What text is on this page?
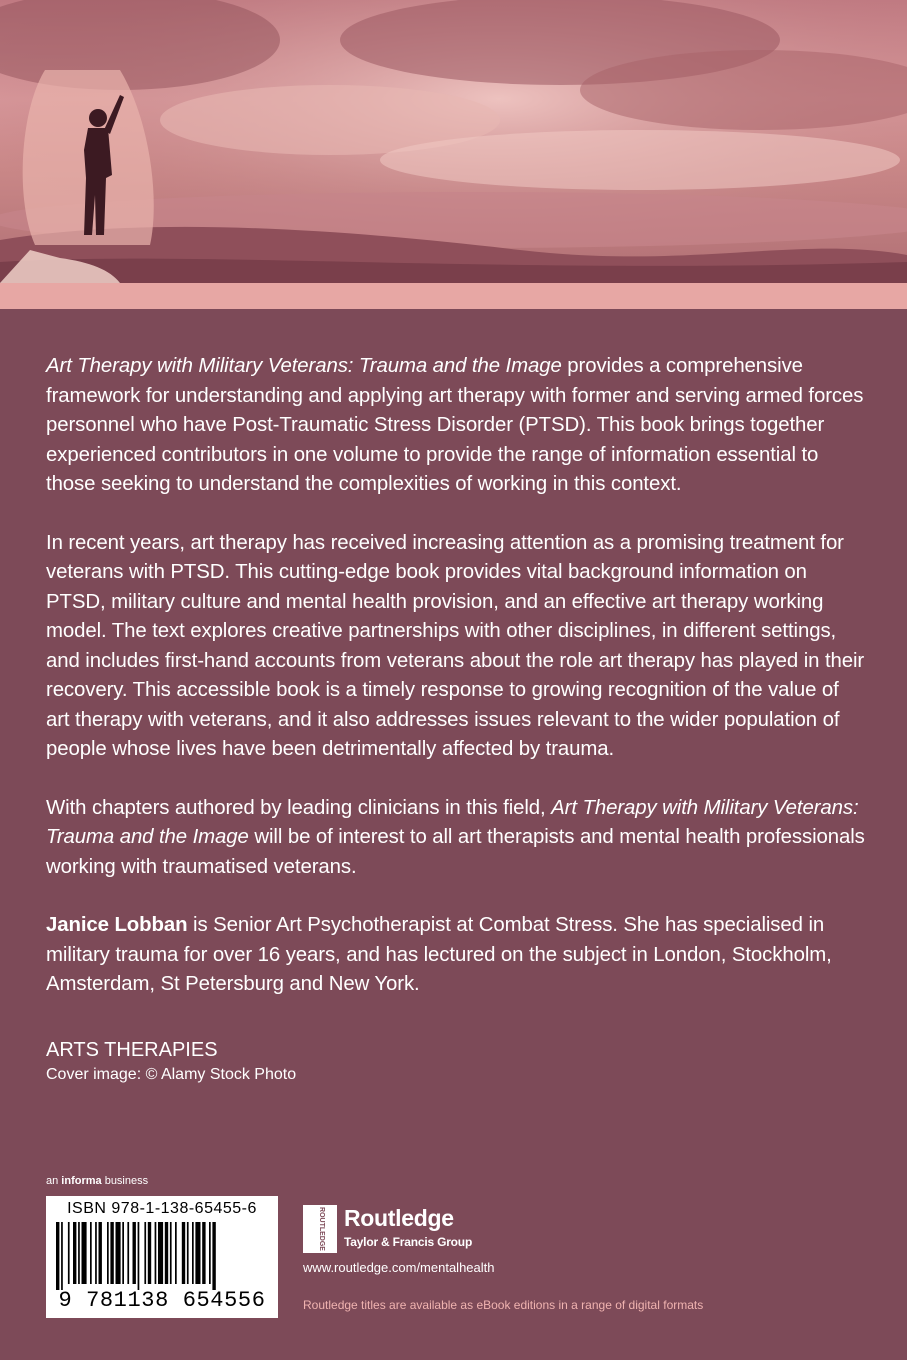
Art Therapy with Military Veterans: Trauma and the Image provides a comprehensive framework for understanding and applying art therapy with former and serving armed forces personnel who have Post-Traumatic Stress Disorder (PTSD). This book brings together experienced contributors in one volume to provide the range of information essential to those seeking to understand the complexities of working in this context.

In recent years, art therapy has received increasing attention as a promising treatment for veterans with PTSD. This cutting-edge book provides vital background information on PTSD, military culture and mental health provision, and an effective art therapy working model. The text explores creative partnerships with other disciplines, in different settings, and includes first-hand accounts from veterans about the role art therapy has played in their recovery. This accessible book is a timely response to growing recognition of the value of art therapy with veterans, and it also addresses issues relevant to the wider population of people whose lives have been detrimentally affected by trauma.

With chapters authored by leading clinicians in this field, Art Therapy with Military Veterans: Trauma and the Image will be of interest to all art therapists and mental health professionals working with traumatised veterans.

Janice Lobban is Senior Art Psychotherapist at Combat Stress. She has specialised in military trauma for over 16 years, and has lectured on the subject in London, Stockholm, Amsterdam, St Petersburg and New York.

ARTS THERAPIES
Cover image: © Alamy Stock Photo
an informa business
ISBN 978-1-138-65455-6
9 781138 654556
ROUTLEDGE Routledge
Taylor & Francis Group
www.routledge.com/mentalhealth
Routledge titles are available as eBook editions in a range of digital formats
